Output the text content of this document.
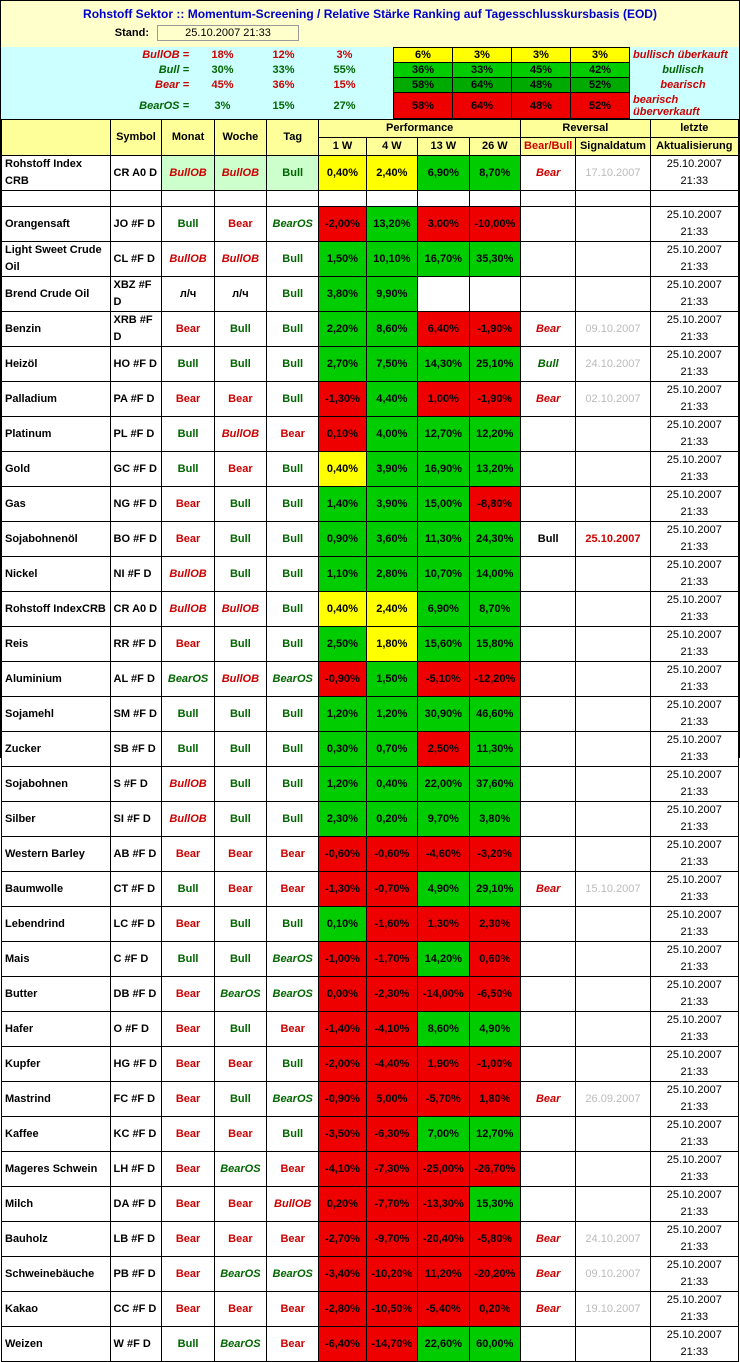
Rohstoff Sektor :: Momentum-Screening / Relative Stärke Ranking auf Tagesschlusskursbasis (EOD)
Stand:	25.10.2007 21:33
BullOB =	18%	12%	3%		6%	3%	3%	3%	bullisch überkauft
Bull =	30%	33%	55%		36%	33%	45%	42%	bullisch
Bear =	45%	36%	15%		58%	64%	48%	52%	bearisch
BearOS =	3%	15%	27%		58%	64%	48%	52%	bearisch überverkauft
	Symbol	Monat	Woche	Tag	Performance				Reversal		letzte
					1 W	4 W	13 W	26 W	Bear/Bull	Signaldatum	Aktualisierung
Rohstoff Index CRB	CR A0 D	BullOB	BullOB	Bull	0,40%	2,40%	6,90%	8,70%	Bear	17.10.2007	25.10.2007 21:33

Orangensaft	JO #F D	Bull	Bear	BearOS	-2,00%	13,20%	3,00%	-10,00%			25.10.2007 21:33
Light Sweet Crude Oil	CL #F D	BullOB	BullOB	Bull	1,50%	10,10%	16,70%	35,30%			25.10.2007 21:33
Brend Crude Oil	XBZ #F D	л/ч	л/ч	Bull	3,80%	9,90%					25.10.2007 21:33
Benzin	XRB #F D	Bear	Bull	Bull	2,20%	8,60%	6,40%	-1,90%	Bear	09.10.2007	25.10.2007 21:33
Heizöl	HO #F D	Bull	Bull	Bull	2,70%	7,50%	14,30%	25,10%	Bull	24.10.2007	25.10.2007 21:33
Palladium	PA #F D	Bear	Bear	Bull	-1,30%	4,40%	1,00%	-1,90%	Bear	02.10.2007	25.10.2007 21:33
Platinum	PL #F D	Bull	BullOB	Bear	0,10%	4,00%	12,70%	12,20%			25.10.2007 21:33
Gold	GC #F D	Bull	Bear	Bull	0,40%	3,90%	16,90%	13,20%			25.10.2007 21:33
Gas	NG #F D	Bear	Bull	Bull	1,40%	3,90%	15,00%	-8,80%			25.10.2007 21:33
Sojabohnenöl	BO #F D	Bear	Bull	Bull	0,90%	3,60%	11,30%	24,30%	Bull	25.10.2007	25.10.2007 21:33
Nickel	NI #F D	BullOB	Bull	Bull	1,10%	2,80%	10,70%	14,00%			25.10.2007 21:33
Rohstoff IndexCRB	CR A0 D	BullOB	BullOB	Bull	0,40%	2,40%	6,90%	8,70%			25.10.2007 21:33
Reis	RR #F D	Bear	Bull	Bull	2,50%	1,80%	15,60%	15,80%			25.10.2007 21:33
Aluminium	AL #F D	BearOS	BullOB	BearOS	-0,90%	1,50%	-5,10%	-12,20%			25.10.2007 21:33
Sojamehl	SM #F D	Bull	Bull	Bull	1,20%	1,20%	30,90%	46,60%			25.10.2007 21:33
Zucker	SB #F D	Bull	Bull	Bull	0,30%	0,70%	2,50%	11,30%			25.10.2007 21:33
Sojabohnen	S #F D	BullOB	Bull	Bull	1,20%	0,40%	22,00%	37,60%			25.10.2007 21:33
Silber	SI #F D	BullOB	Bull	Bull	2,30%	0,20%	9,70%	3,80%			25.10.2007 21:33
Western Barley	AB #F D	Bear	Bear	Bear	-0,60%	-0,60%	-4,60%	-3,20%			25.10.2007 21:33
Baumwolle	CT #F D	Bull	Bear	Bear	-1,30%	-0,70%	4,90%	29,10%	Bear	15.10.2007	25.10.2007 21:33
Lebendrind	LC #F D	Bear	Bull	Bull	0,10%	-1,60%	1,30%	2,30%			25.10.2007 21:33
Mais	C #F D	Bull	Bull	BearOS	-1,00%	-1,70%	14,20%	0,60%			25.10.2007 21:33
Butter	DB #F D	Bear	BearOS	BearOS	0,00%	-2,30%	-14,00%	-6,50%			25.10.2007 21:33
Hafer	O #F D	Bear	Bull	Bear	-1,40%	-4,10%	8,60%	4,90%			25.10.2007 21:33
Kupfer	HG #F D	Bear	Bear	Bull	-2,00%	-4,40%	1,90%	-1,00%			25.10.2007 21:33
Mastrind	FC #F D	Bear	Bull	BearOS	-0,90%	5,00%	-5,70%	1,80%	Bear	26.09.2007	25.10.2007 21:33
Kaffee	KC #F D	Bear	Bear	Bull	-3,50%	-6,30%	7,00%	12,70%			25.10.2007 21:33
Mageres Schwein	LH #F D	Bear	BearOS	Bear	-4,10%	-7,30%	-25,00%	-26,70%			25.10.2007 21:33
Milch	DA #F D	Bear	Bear	BullOB	0,20%	-7,70%	-13,30%	15,30%			25.10.2007 21:33
Bauholz	LB #F D	Bear	Bear	Bear	-2,70%	-9,70%	-20,40%	-5,80%	Bear	24.10.2007	25.10.2007 21:33
Schweinebäuche	PB #F D	Bear	BearOS	BearOS	-3,40%	-10,20%	11,20%	-20,20%	Bear	09.10.2007	25.10.2007 21:33
Kakao	CC #F D	Bear	Bear	Bear	-2,80%	-10,50%	-5,40%	0,20%	Bear	19.10.2007	25.10.2007 21:33
Weizen	W #F D	Bull	BearOS	Bear	-6,40%	-14,70%	22,60%	60,00%			25.10.2007 21:33
